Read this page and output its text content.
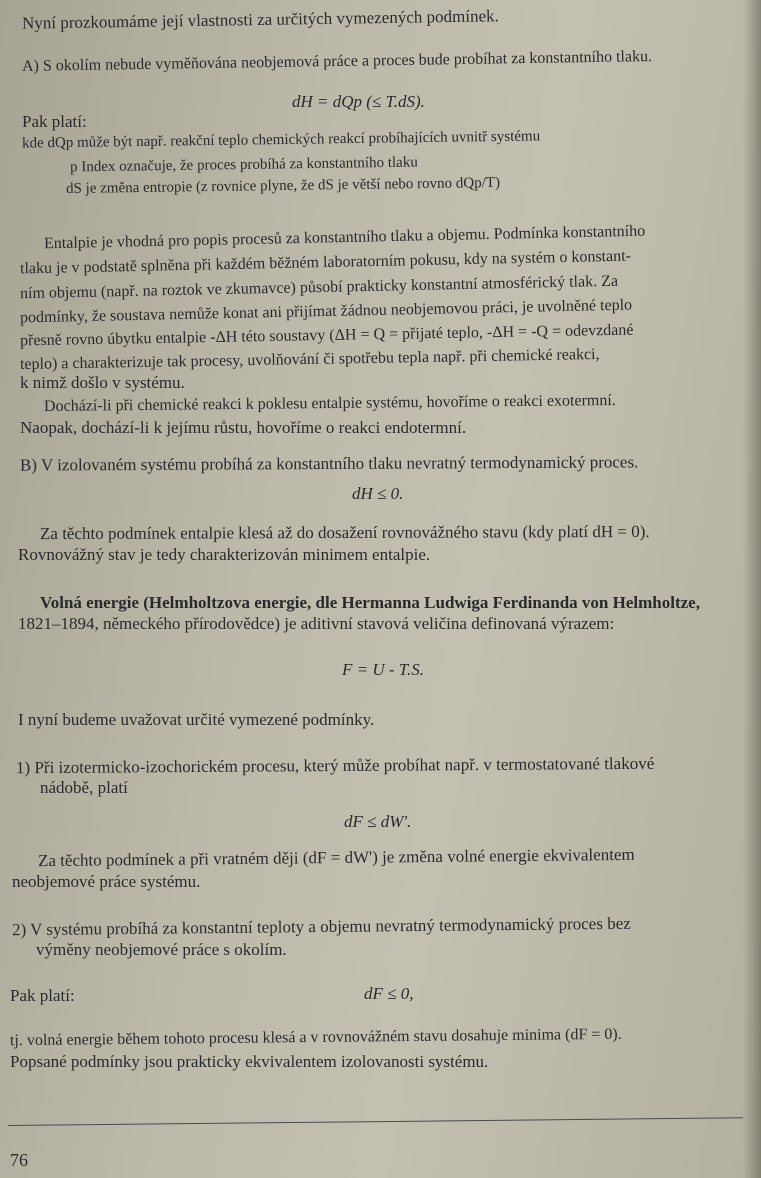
Nyní prozkoumáme její vlastnosti za určitých vymezených podmínek.
A) S okolím nebude vyměňována neobjemová práce a proces bude probíhat za konstantního tlaku.
dH = dQp (≤ T.dS).
Pak platí:
kde dQp může být např. reakční teplo chemických reakcí probíhajících uvnitř systému
p Index označuje, že proces probíhá za konstantního tlaku
dS je změna entropie (z rovnice plyne, že dS je větší nebo rovno dQp/T)
Entalpie je vhodná pro popis procesů za konstantního tlaku a objemu. Podmínka konstantního
tlaku je v podstatě splněna při každém běžném laboratorním pokusu, kdy na systém o konstant-
ním objemu (např. na roztok ve zkumavce) působí prakticky konstantní atmosférický tlak. Za
podmínky, že soustava nemůže konat ani přijímat žádnou neobjemovou práci, je uvolněné teplo
přesně rovno úbytku entalpie -ΔH této soustavy (ΔH = Q = přijaté teplo, -ΔH = -Q = odevzdané
teplo) a charakterizuje tak procesy, uvolňování či spotřebu tepla např. při chemické reakci,
k nimž došlo v systému.
Dochází-li při chemické reakci k poklesu entalpie systému, hovoříme o reakci exotermní.
Naopak, dochází-li k jejímu růstu, hovoříme o reakci endotermní.
B) V izolovaném systému probíhá za konstantního tlaku nevratný termodynamický proces.
dH ≤ 0.
Za těchto podmínek entalpie klesá až do dosažení rovnovážného stavu (kdy platí dH = 0).
Rovnovážný stav je tedy charakterizován minimem entalpie.
Volná energie (Helmholtzova energie, dle Hermanna Ludwiga Ferdinanda von Helmholtze,
1821–1894, německého přírodovědce) je aditivní stavová veličina definovaná výrazem:
F = U - T.S.
I nyní budeme uvažovat určité vymezené podmínky.
1) Při izotermicko-izochorickém procesu, který může probíhat např. v termostatované tlakové
nádobě, platí
dF ≤ dW'.
Za těchto podmínek a při vratném ději (dF = dW') je změna volné energie ekvivalentem
neobjemové práce systému.
2) V systému probíhá za konstantní teploty a objemu nevratný termodynamický proces bez
výměny neobjemové práce s okolím.
Pak platí:	dF ≤ 0,
tj. volná energie během tohoto procesu klesá a v rovnovážném stavu dosahuje minima (dF = 0).
Popsané podmínky jsou prakticky ekvivalentem izolovanosti systému.
76
